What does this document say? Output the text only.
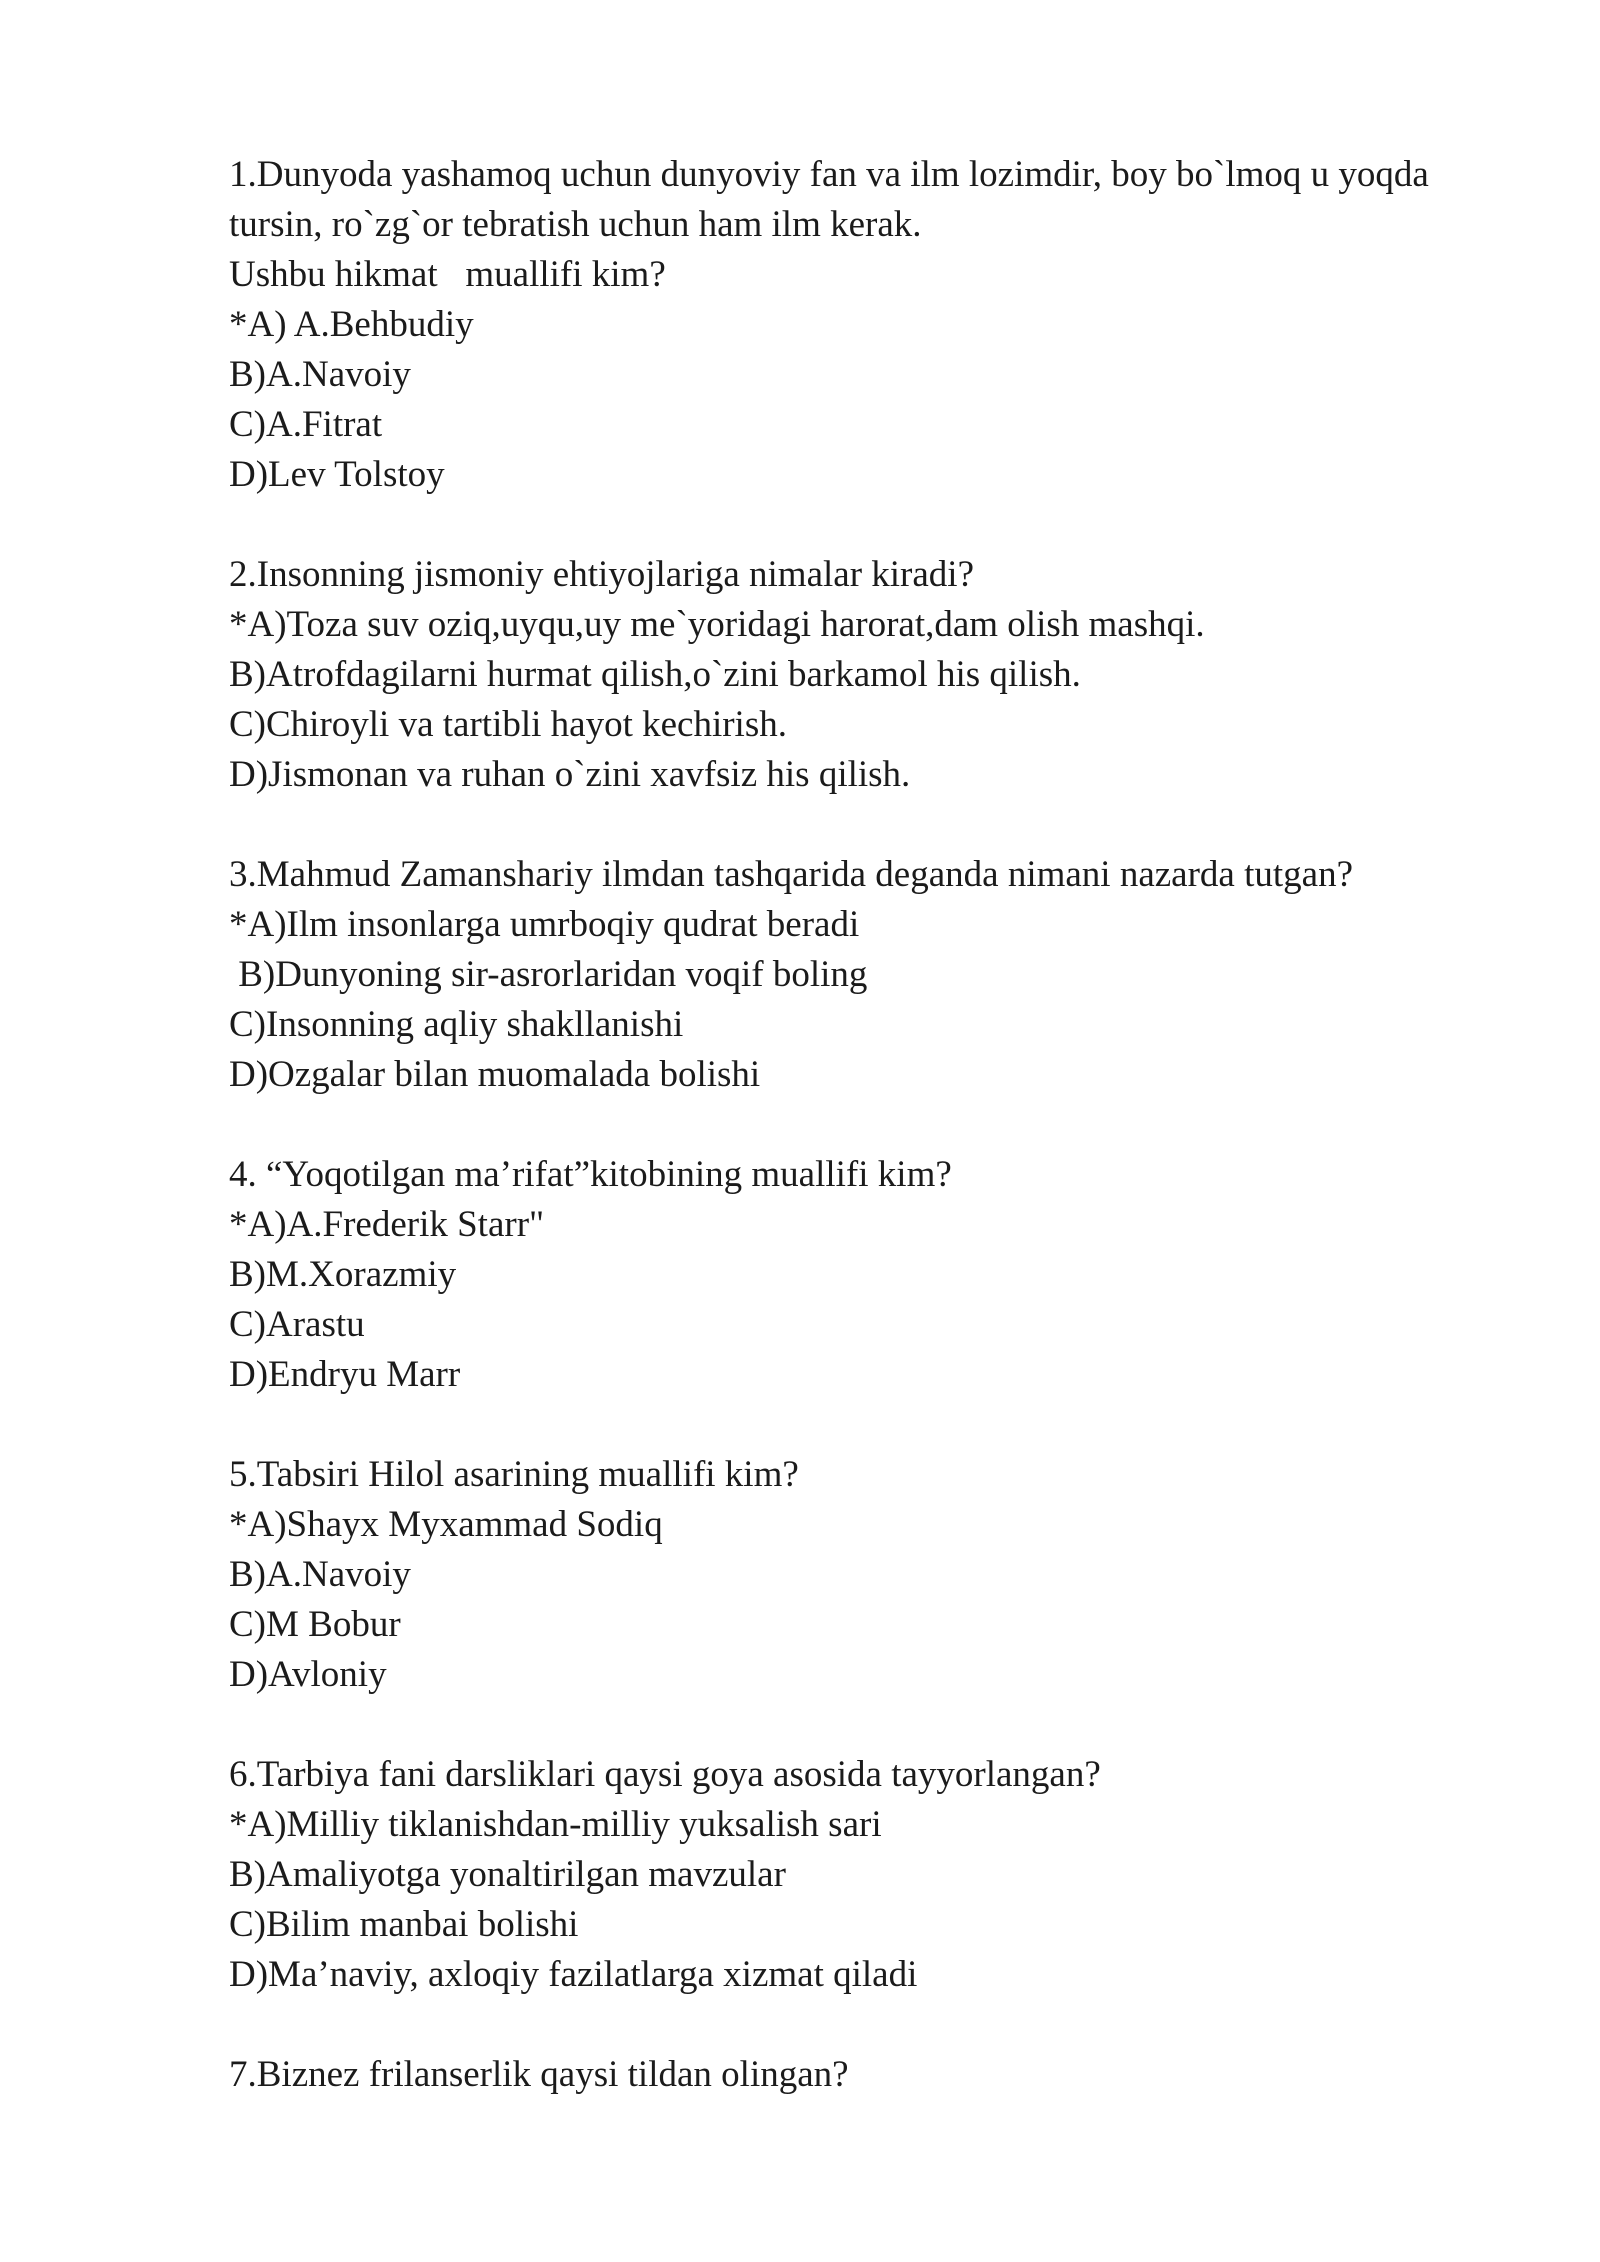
1.Dunyoda yashamoq uchun dunyoviy fan va ilm lozimdir, boy bo`lmoq u yoqda
tursin, ro`zg`or tebratish uchun ham ilm kerak.
Ushbu hikmat   muallifi kim?
*A) A.Behbudiy
B)A.Navoiy
C)A.Fitrat
D)Lev Tolstoy
2.Insonning jismoniy ehtiyojlariga nimalar kiradi?
*A)Toza suv oziq,uyqu,uy me`yoridagi harorat,dam olish mashqi.
B)Atrofdagilarni hurmat qilish,o`zini barkamol his qilish.
C)Chiroyli va tartibli hayot kechirish.
D)Jismonan va ruhan o`zini xavfsiz his qilish.
3.Mahmud Zamanshariy ilmdan tashqarida deganda nimani nazarda tutgan?
*A)Ilm insonlarga umrboqiy qudrat beradi
B)Dunyoning sir-asrorlaridan voqif boling
C)Insonning aqliy shakllanishi
D)Ozgalar bilan muomalada bolishi
4. “Yoqotilgan ma’rifat”kitobining muallifi kim?
*A)A.Frederik Starr"
B)M.Xorazmiy
C)Arastu
D)Endryu Marr
5.Tabsiri Hilol asarining muallifi kim?
*A)Shayx Myxammad Sodiq
B)A.Navoiy
C)M Bobur
D)Avloniy
6.Tarbiya fani darsliklari qaysi goya asosida tayyorlangan?
*A)Milliy tiklanishdan-milliy yuksalish sari
B)Amaliyotga yonaltirilgan mavzular
C)Bilim manbai bolishi
D)Ma’naviy, axloqiy fazilatlarga xizmat qiladi
7.Biznez frilanserlik qaysi tildan olingan?
